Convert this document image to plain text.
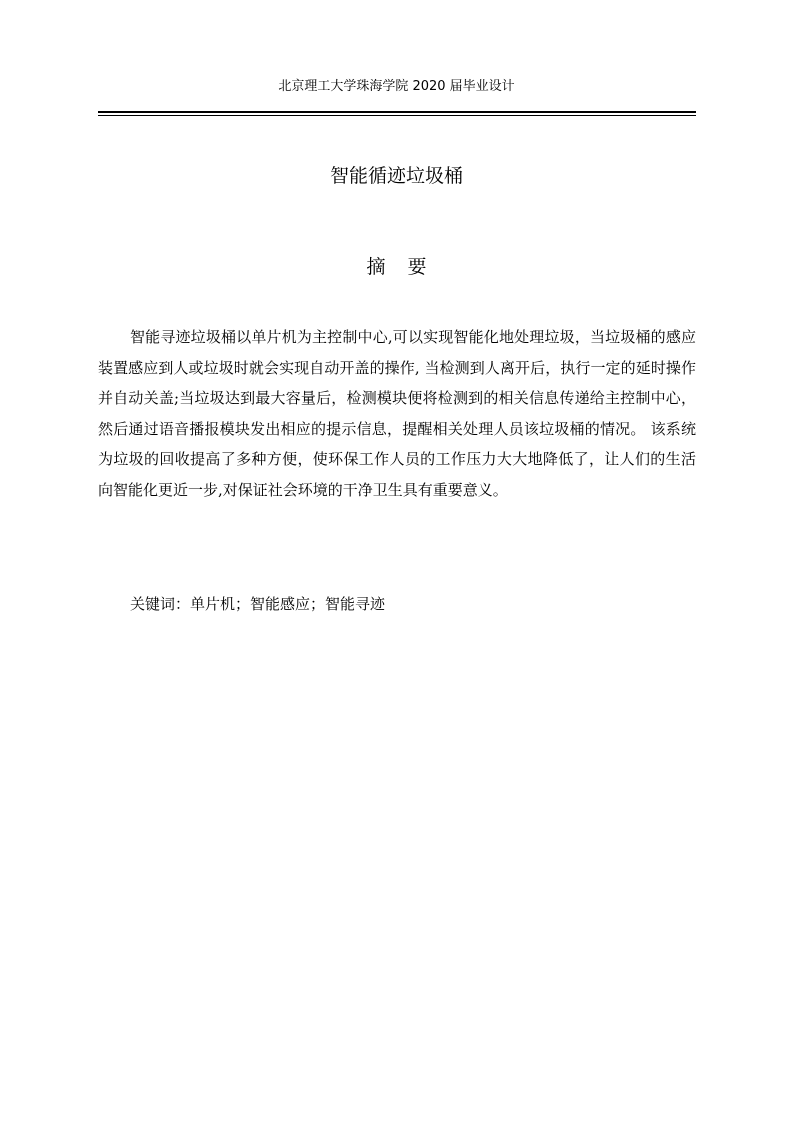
北京理工大学珠海学院 2020 届毕业设计
智能循迹垃圾桶
摘要

智能寻迹垃圾桶以单片机为主控制中心,可以实现智能化地处理垃圾，当垃圾桶的感应装置感应到人或垃圾时就会实现自动开盖的操作, 当检测到人离开后，执行一定的延时操作并自动关盖;当垃圾达到最大容量后，检测模块便将检测到的相关信息传递给主控制中心，然后通过语音播报模块发出相应的提示信息，提醒相关处理人员该垃圾桶的情况。 该系统为垃圾的回收提高了多种方便，使环保工作人员的工作压力大大地降低了，让人们的生活向智能化更近一步,对保证社会环境的干净卫生具有重要意义。

关键词：单片机；智能感应；智能寻迹
